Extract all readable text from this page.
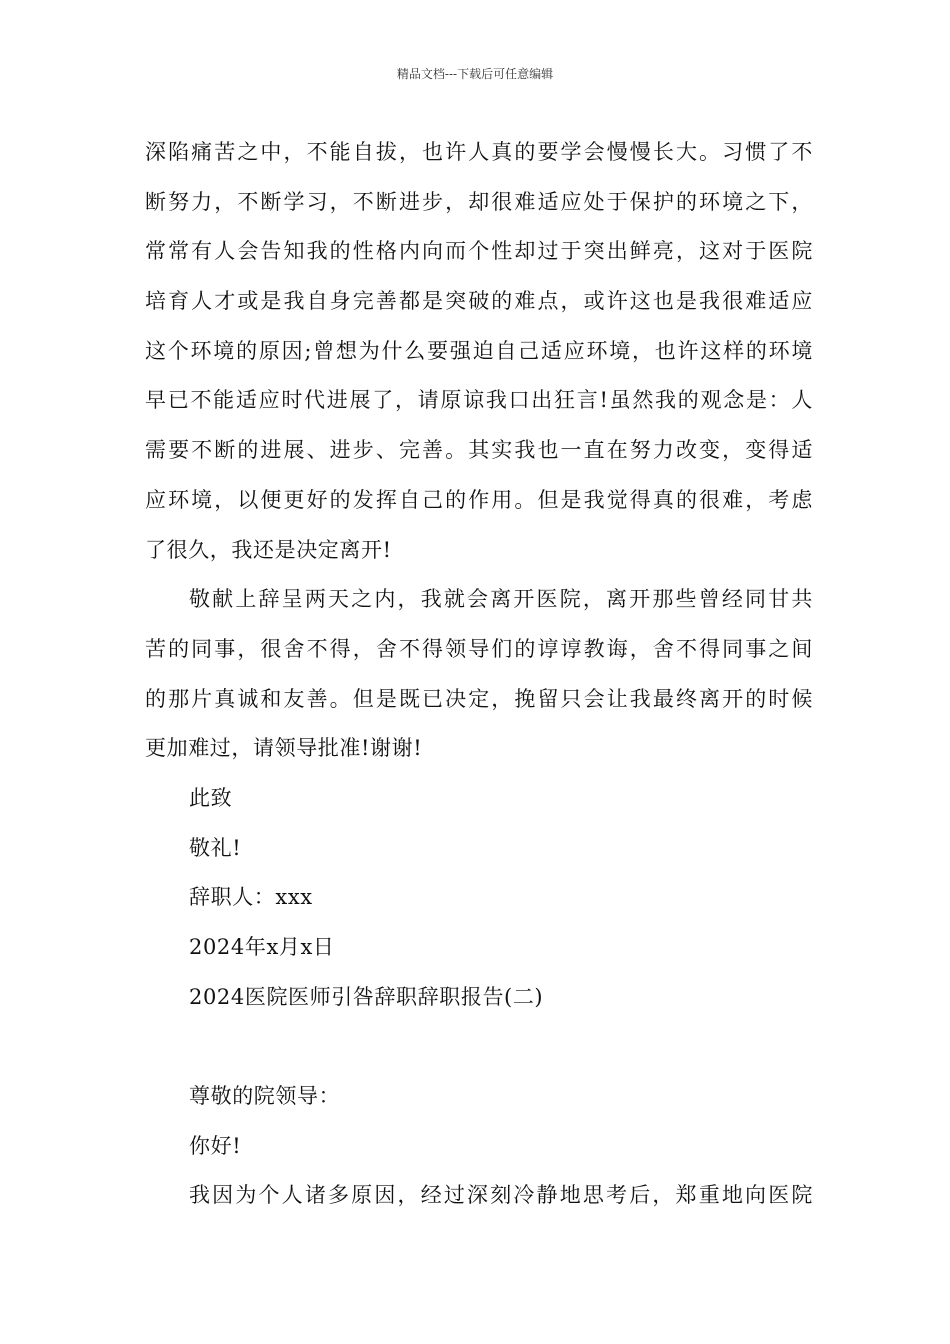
精品文档---下载后可任意编辑
深陷痛苦之中，不能自拔，也许人真的要学会慢慢长大。习惯了不
断努力，不断学习，不断进步，却很难适应处于保护的环境之下，
常常有人会告知我的性格内向而个性却过于突出鲜亮，这对于医院
培育人才或是我自身完善都是突破的难点，或许这也是我很难适应
这个环境的原因;曾想为什么要强迫自己适应环境，也许这样的环境
早已不能适应时代进展了，请原谅我口出狂言!虽然我的观念是：人
需要不断的进展、进步、完善。其实我也一直在努力改变，变得适
应环境，以便更好的发挥自己的作用。但是我觉得真的很难，考虑
了很久，我还是决定离开!
敬献上辞呈两天之内，我就会离开医院，离开那些曾经同甘共
苦的同事，很舍不得，舍不得领导们的谆谆教诲，舍不得同事之间
的那片真诚和友善。但是既已决定，挽留只会让我最终离开的时候
更加难过，请领导批准!谢谢!
此致
敬礼!
辞职人：xxx
2024年x月x日
2024医院医师引咎辞职辞职报告(二)
尊敬的院领导：
你好!
我因为个人诸多原因，经过深刻冷静地思考后，郑重地向医院
